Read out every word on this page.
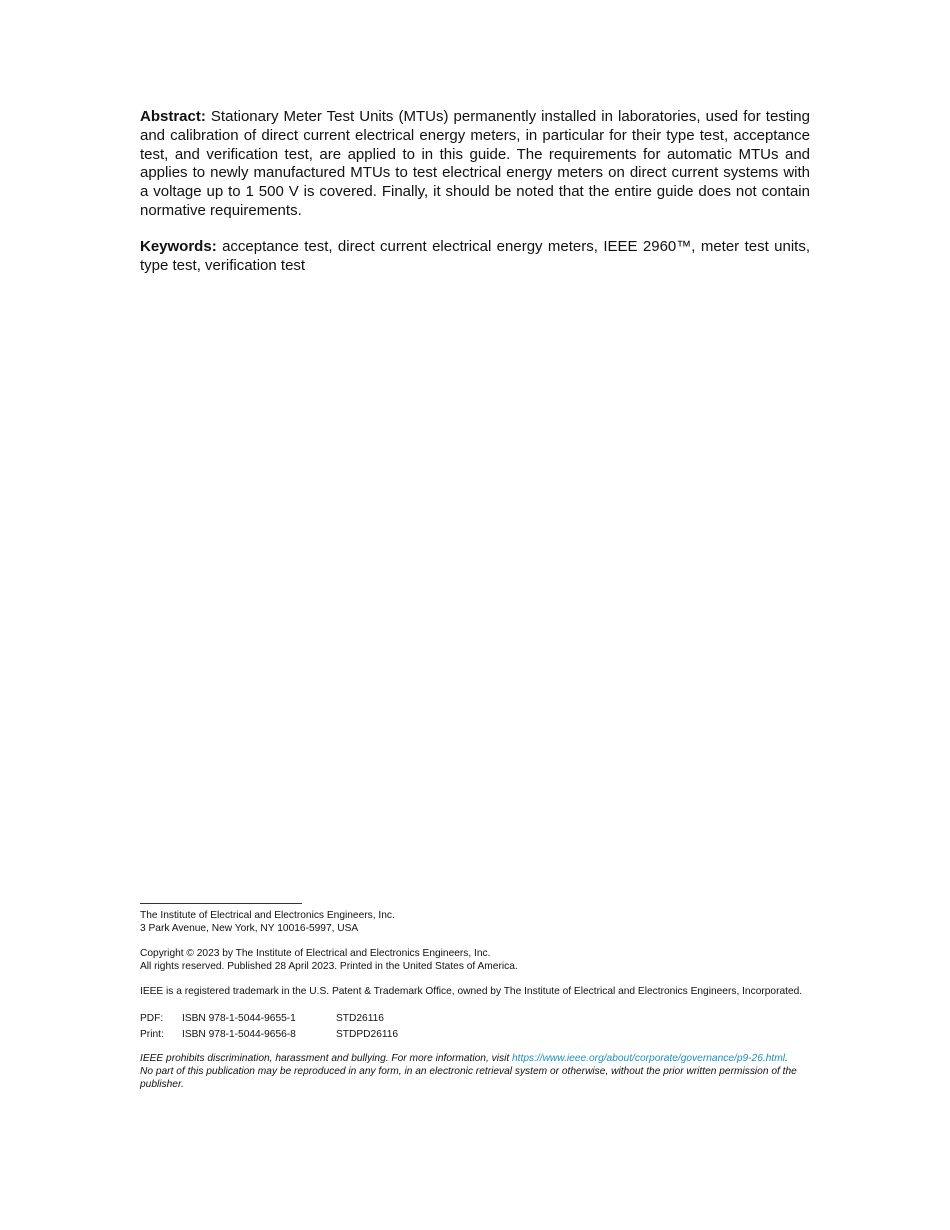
Abstract: Stationary Meter Test Units (MTUs) permanently installed in laboratories, used for testing and calibration of direct current electrical energy meters, in particular for their type test, acceptance test, and verification test, are applied to in this guide. The requirements for automatic MTUs and applies to newly manufactured MTUs to test electrical energy meters on direct current systems with a voltage up to 1 500 V is covered. Finally, it should be noted that the entire guide does not contain normative requirements.

Keywords: acceptance test, direct current electrical energy meters, IEEE 2960™, meter test units, type test, verification test

The Institute of Electrical and Electronics Engineers, Inc.
3 Park Avenue, New York, NY 10016-5997, USA
Copyright © 2023 by The Institute of Electrical and Electronics Engineers, Inc.
All rights reserved. Published 28 April 2023. Printed in the United States of America.
IEEE is a registered trademark in the U.S. Patent & Trademark Office, owned by The Institute of Electrical and Electronics Engineers, Incorporated.
PDF:	ISBN 978-1-5044-9655-1	STD26116
Print:	ISBN 978-1-5044-9656-8	STDPD26116

IEEE prohibits discrimination, harassment and bullying. For more information, visit https://www.ieee.org/about/corporate/governance/p9-26.html.

No part of this publication may be reproduced in any form, in an electronic retrieval system or otherwise, without the prior written permission of the publisher.
